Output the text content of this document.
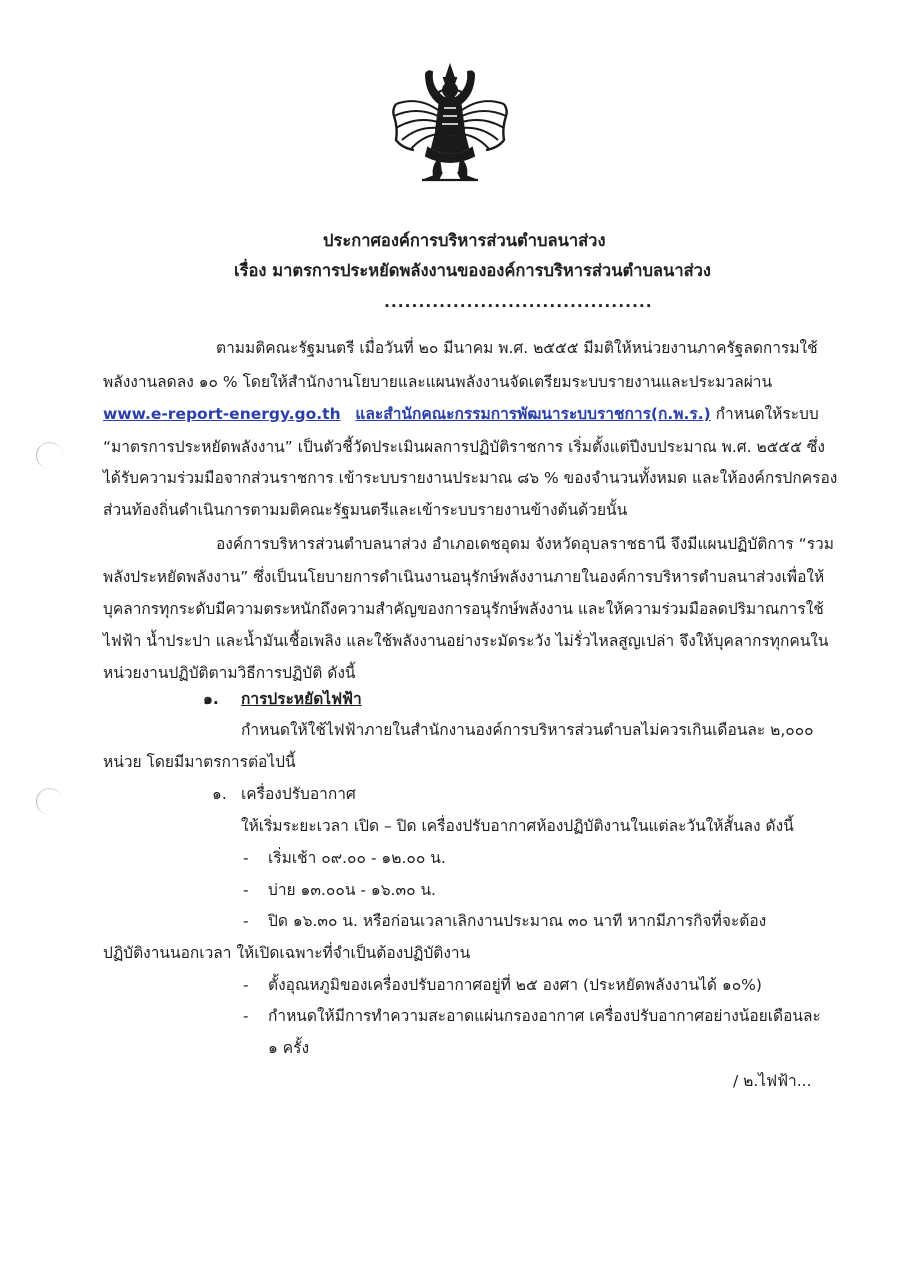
ประกาศองค์การบริหารส่วนตำบลนาส่วง
เรื่อง มาตรการประหยัดพลังงานขององค์การบริหารส่วนตำบลนาส่วง
.......................................
ตามมติคณะรัฐมนตรี เมื่อวันที่ ๒๐ มีนาคม พ.ศ. ๒๕๕๕ มีมติให้หน่วยงานภาครัฐลดการมใช้
พลังงานลดลง ๑๐ % โดยให้สำนักงานโยบายและแผนพลังงานจัดเตรียมระบบรายงานและประมวลผ่าน
www.e-report-energy.go.th และสำนักคณะกรรมการพัฒนาระบบราชการ(ก.พ.ร.) กำหนดให้ระบบ
“มาตรการประหยัดพลังงาน” เป็นตัวชี้วัดประเมินผลการปฏิบัติราชการ เริ่มตั้งแต่ปีงบประมาณ พ.ศ. ๒๕๕๕ ซึ่ง
ได้รับความร่วมมือจากส่วนราชการ เข้าระบบรายงานประมาณ ๘๖ % ของจำนวนทั้งหมด และให้องค์กรปกครอง
ส่วนท้องถิ่นดำเนินการตามมติคณะรัฐมนตรีและเข้าระบบรายงานข้างต้นด้วยนั้น
องค์การบริหารส่วนตำบลนาส่วง อำเภอเดชอุดม จังหวัดอุบลราชธานี จึงมีแผนปฏิบัติการ “รวม
พลังประหยัดพลังงาน” ซึ่งเป็นนโยบายการดำเนินงานอนุรักษ์พลังงานภายในองค์การบริหารตำบลนาส่วงเพื่อให้
บุคลากรทุกระดับมีความตระหนักถึงความสำคัญของการอนุรักษ์พลังงาน และให้ความร่วมมือลดปริมาณการใช้
ไฟฟ้า น้ำประปา และน้ำมันเชื้อเพลิง และใช้พลังงานอย่างระมัดระวัง ไม่รั่วไหลสูญเปล่า จึงให้บุคลากรทุกคนใน
หน่วยงานปฏิบัติตามวิธีการปฏิบัติ ดังนี้
๑. การประหยัดไฟฟ้า
กำหนดให้ใช้ไฟฟ้าภายในสำนักงานองค์การบริหารส่วนตำบลไม่ควรเกินเดือนละ ๒,๐๐๐
หน่วย โดยมีมาตรการต่อไปนี้
๑. เครื่องปรับอากาศ
ให้เริ่มระยะเวลา เปิด – ปิด เครื่องปรับอากาศห้องปฏิบัติงานในแต่ละวันให้สั้นลง ดังนี้
- เริ่มเช้า ๐๙.๐๐ - ๑๒.๐๐ น.
- บ่าย ๑๓.๐๐น - ๑๖.๓๐ น.
- ปิด ๑๖.๓๐ น. หรือก่อนเวลาเลิกงานประมาณ ๓๐ นาที หากมีภารกิจที่จะต้อง
ปฏิบัติงานนอกเวลา ให้เปิดเฉพาะที่จำเป็นต้องปฏิบัติงาน
- ตั้งอุณหภูมิของเครื่องปรับอากาศอยู่ที่ ๒๕ องศา (ประหยัดพลังงานได้ ๑๐%)
- กำหนดให้มีการทำความสะอาดแผ่นกรองอากาศ เครื่องปรับอากาศอย่างน้อยเดือนละ
๑ ครั้ง
/ ๒.ไฟฟ้า...
